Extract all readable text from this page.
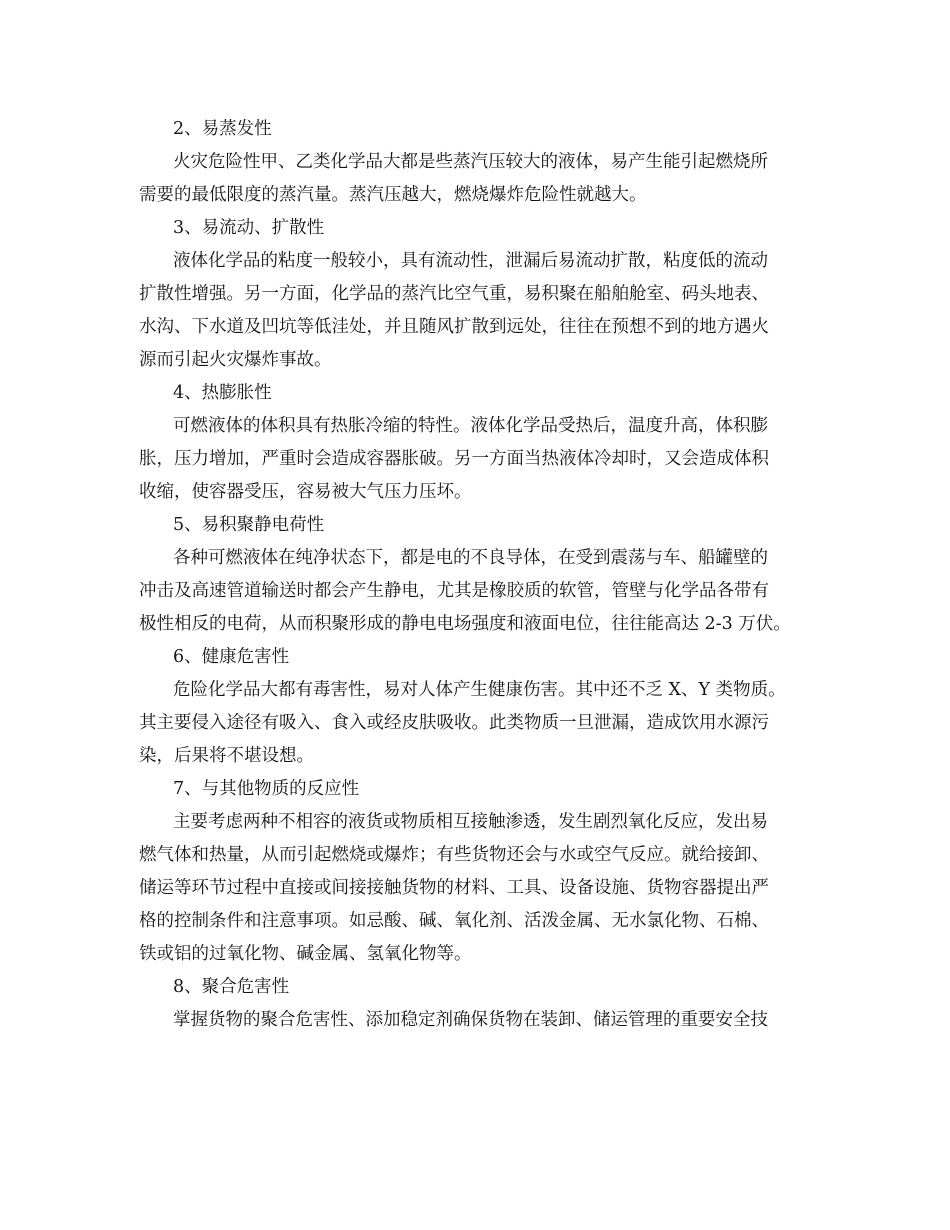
2、易蒸发性
火灾危险性甲、乙类化学品大都是些蒸汽压较大的液体，易产生能引起燃烧所
需要的最低限度的蒸汽量。蒸汽压越大，燃烧爆炸危险性就越大。
3、易流动、扩散性
液体化学品的粘度一般较小，具有流动性，泄漏后易流动扩散，粘度低的流动
扩散性增强。另一方面，化学品的蒸汽比空气重，易积聚在船舶舱室、码头地表、
水沟、下水道及凹坑等低洼处，并且随风扩散到远处，往往在预想不到的地方遇火
源而引起火灾爆炸事故。
4、热膨胀性
可燃液体的体积具有热胀冷缩的特性。液体化学品受热后，温度升高，体积膨
胀，压力增加，严重时会造成容器胀破。另一方面当热液体冷却时，又会造成体积
收缩，使容器受压，容易被大气压力压坏。
5、易积聚静电荷性
各种可燃液体在纯净状态下，都是电的不良导体，在受到震荡与车、船罐壁的
冲击及高速管道输送时都会产生静电，尤其是橡胶质的软管，管壁与化学品各带有
极性相反的电荷，从而积聚形成的静电电场强度和液面电位，往往能高达 2-3 万伏。
6、健康危害性
危险化学品大都有毒害性，易对人体产生健康伤害。其中还不乏 X、Y 类物质。
其主要侵入途径有吸入、食入或经皮肤吸收。此类物质一旦泄漏，造成饮用水源污
染，后果将不堪设想。
7、与其他物质的反应性
主要考虑两种不相容的液货或物质相互接触渗透，发生剧烈氧化反应，发出易
燃气体和热量，从而引起燃烧或爆炸；有些货物还会与水或空气反应。就给接卸、
储运等环节过程中直接或间接接触货物的材料、工具、设备设施、货物容器提出严
格的控制条件和注意事项。如忌酸、碱、氧化剂、活泼金属、无水氯化物、石棉、
铁或铝的过氧化物、碱金属、氢氧化物等。
8、聚合危害性
掌握货物的聚合危害性、添加稳定剂确保货物在装卸、储运管理的重要安全技
